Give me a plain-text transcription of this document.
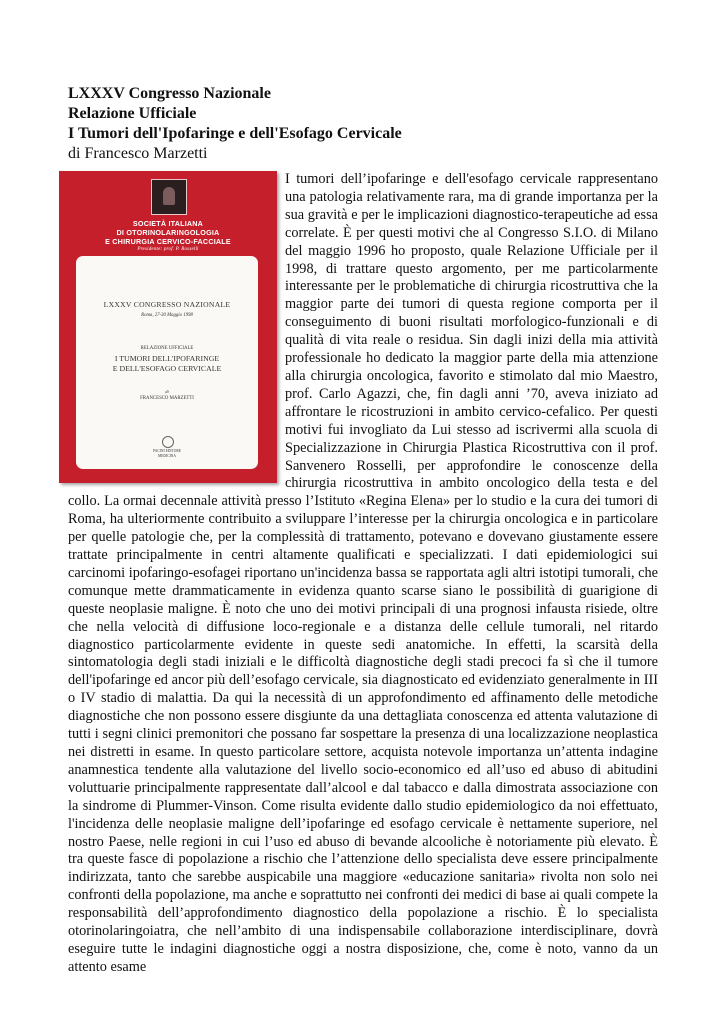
LXXXV Congresso Nazionale

Relazione Ufficiale

I Tumori dell'Ipofaringe e dell'Esofago Cervicale

di Francesco Marzetti

SOCIETÀ ITALIANA
DI OTORINOLARINGOLOGIA
E CHIRURGIA CERVICO-FACCIALE
Presidente: prof. P. Rosselli
LXXXV CONGRESSO NAZIONALE
Roma, 27-30 Maggio 1998
RELAZIONE UFFICIALE
I TUMORI DELL'IPOFARINGE
E DELL'ESOFAGO CERVICALE
di
FRANCESCO MARZETTI
PACINI EDITORE
MEDICINA

I tumori dell’ipofaringe e dell'esofago cervicale rappresentano una patologia relativamente rara, ma di grande importanza per la sua gravità e per le implicazioni diagnostico-terapeutiche ad essa correlate. È per questi motivi che al Congresso S.I.O. di Milano del maggio 1996 ho proposto, quale Relazione Ufficiale per il 1998, di trattare questo argomento, per me particolarmente interessante per le problematiche di chirurgia ricostruttiva che la maggior parte dei tumori di questa regione comporta per il conseguimento di buoni risultati morfologico-funzionali e di qualità di vita reale o residua. Sin dagli inizi della mia attività professionale ho dedicato la maggior parte della mia attenzione alla chirurgia oncologica, favorito e stimolato dal mio Maestro, prof. Carlo Agazzi, che, fin dagli anni ’70, aveva iniziato ad affrontare le ricostruzioni in ambito cervico-cefalico. Per questi motivi fui invogliato da Lui stesso ad iscrivermi alla scuola di Specializzazione in Chirurgia Plastica Ricostruttiva con il prof. Sanvenero Rosselli, per approfondire le conoscenze della chirurgia ricostruttiva in ambito oncologico della testa e del collo. La ormai decennale attività presso l’Istituto «Regina Elena» per lo studio e la cura dei tumori di Roma, ha ulteriormente contribuito a sviluppare l’interesse per la chirurgia oncologica e in particolare per quelle patologie che, per la complessità di trattamento, potevano e dovevano giustamente essere trattate principalmente in centri altamente qualificati e specializzati. I dati epidemiologici sui carcinomi ipofaringo-esofagei riportano un'incidenza bassa se rapportata agli altri istotipi tumorali, che comunque mette drammaticamente in evidenza quanto scarse siano le possibilità di guarigione di queste neoplasie maligne. È noto che uno dei motivi principali di una prognosi infausta risiede, oltre che nella velocità di diffusione loco-regionale e a distanza delle cellule tumorali, nel ritardo diagnostico particolarmente evidente in queste sedi anatomiche. In effetti, la scarsità della sintomatologia degli stadi iniziali e le difficoltà diagnostiche degli stadi precoci fa sì che il tumore dell'ipofaringe ed ancor più dell’esofago cervicale, sia diagnosticato ed evidenziato generalmente in III o IV stadio di malattia. Da qui la necessità di un approfondimento ed affinamento delle metodiche diagnostiche che non possono essere disgiunte da una dettagliata conoscenza ed attenta valutazione di tutti i segni clinici premonitori che possano far sospettare la presenza di una localizzazione neoplastica nei distretti in esame. In questo particolare settore, acquista notevole importanza un’attenta indagine anamnestica tendente alla valutazione del livello socio-economico ed all’uso ed abuso di abitudini voluttuarie principalmente rappresentate dall’alcool e dal tabacco e dalla dimostrata associazione con la sindrome di Plummer-Vinson. Come risulta evidente dallo studio epidemiologico da noi effettuato, l'incidenza delle neoplasie maligne dell’ipofaringe ed esofago cervicale è nettamente superiore, nel nostro Paese, nelle regioni in cui l’uso ed abuso di bevande alcooliche è notoriamente più elevato. È tra queste fasce di popolazione a rischio che l’attenzione dello specialista deve essere principalmente indirizzata, tanto che sarebbe auspicabile una maggiore «educazione sanitaria» rivolta non solo nei confronti della popolazione, ma anche e soprattutto nei confronti dei medici di base ai quali compete la responsabilità dell’approfondimento diagnostico della popolazione a rischio. È lo specialista otorinolaringoiatra, che nell’ambito di una indispensabile collaborazione interdisciplinare, dovrà eseguire tutte le indagini diagnostiche oggi a nostra disposizione, che, come è noto, vanno da un attento esame
